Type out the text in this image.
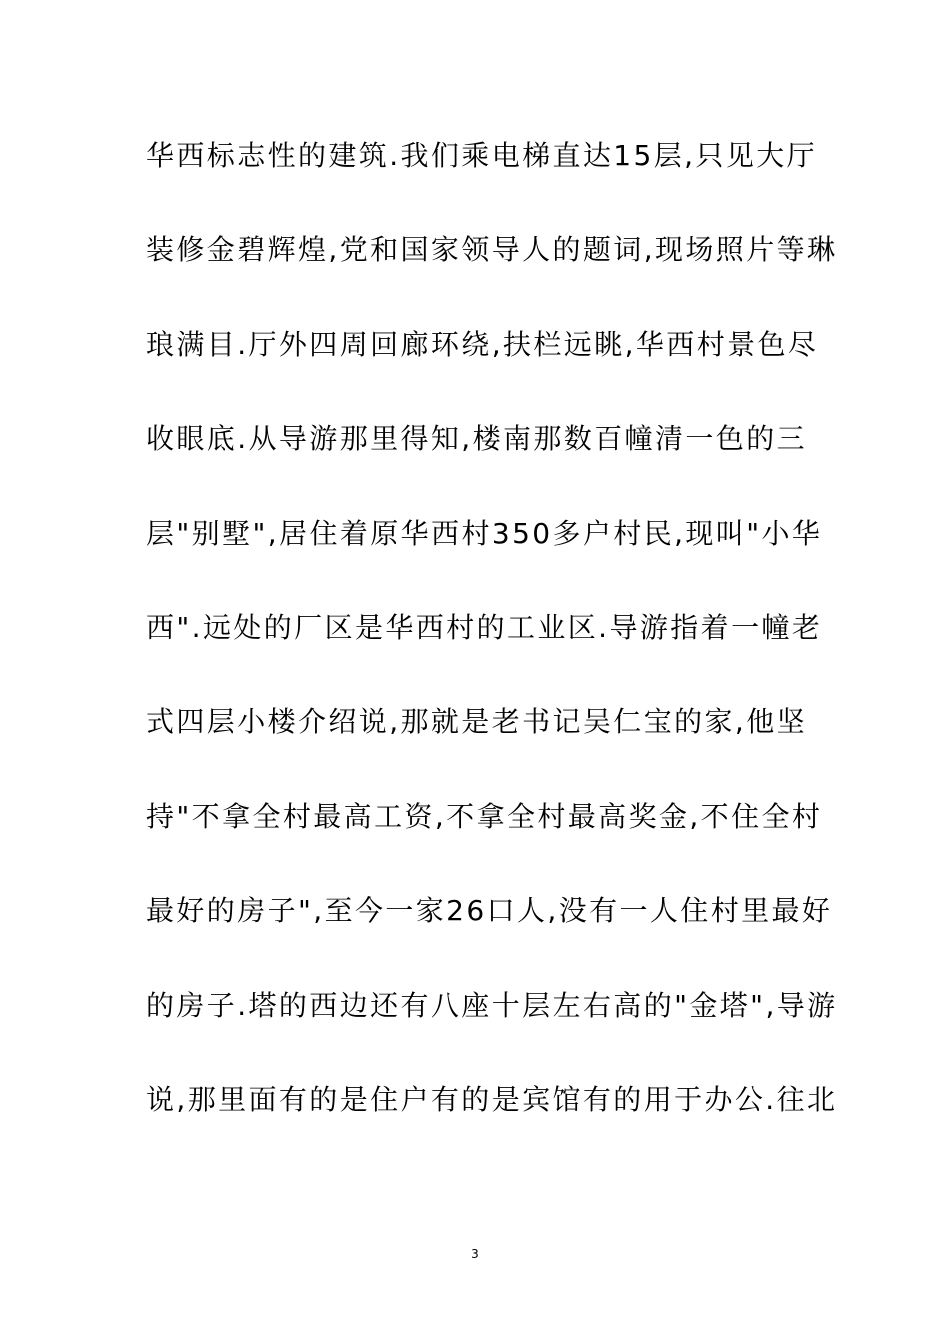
华西标志性的建筑.我们乘电梯直达15层,只见大厅
装修金碧辉煌,党和国家领导人的题词,现场照片等琳
琅满目.厅外四周回廊环绕,扶栏远眺,华西村景色尽
收眼底.从导游那里得知,楼南那数百幢清一色的三
层"别墅",居住着原华西村350多户村民,现叫"小华
西".远处的厂区是华西村的工业区.导游指着一幢老
式四层小楼介绍说,那就是老书记吴仁宝的家,他坚
持"不拿全村最高工资,不拿全村最高奖金,不住全村
最好的房子",至今一家26口人,没有一人住村里最好
的房子.塔的西边还有八座十层左右高的"金塔",导游
说,那里面有的是住户有的是宾馆有的用于办公.往北
3
